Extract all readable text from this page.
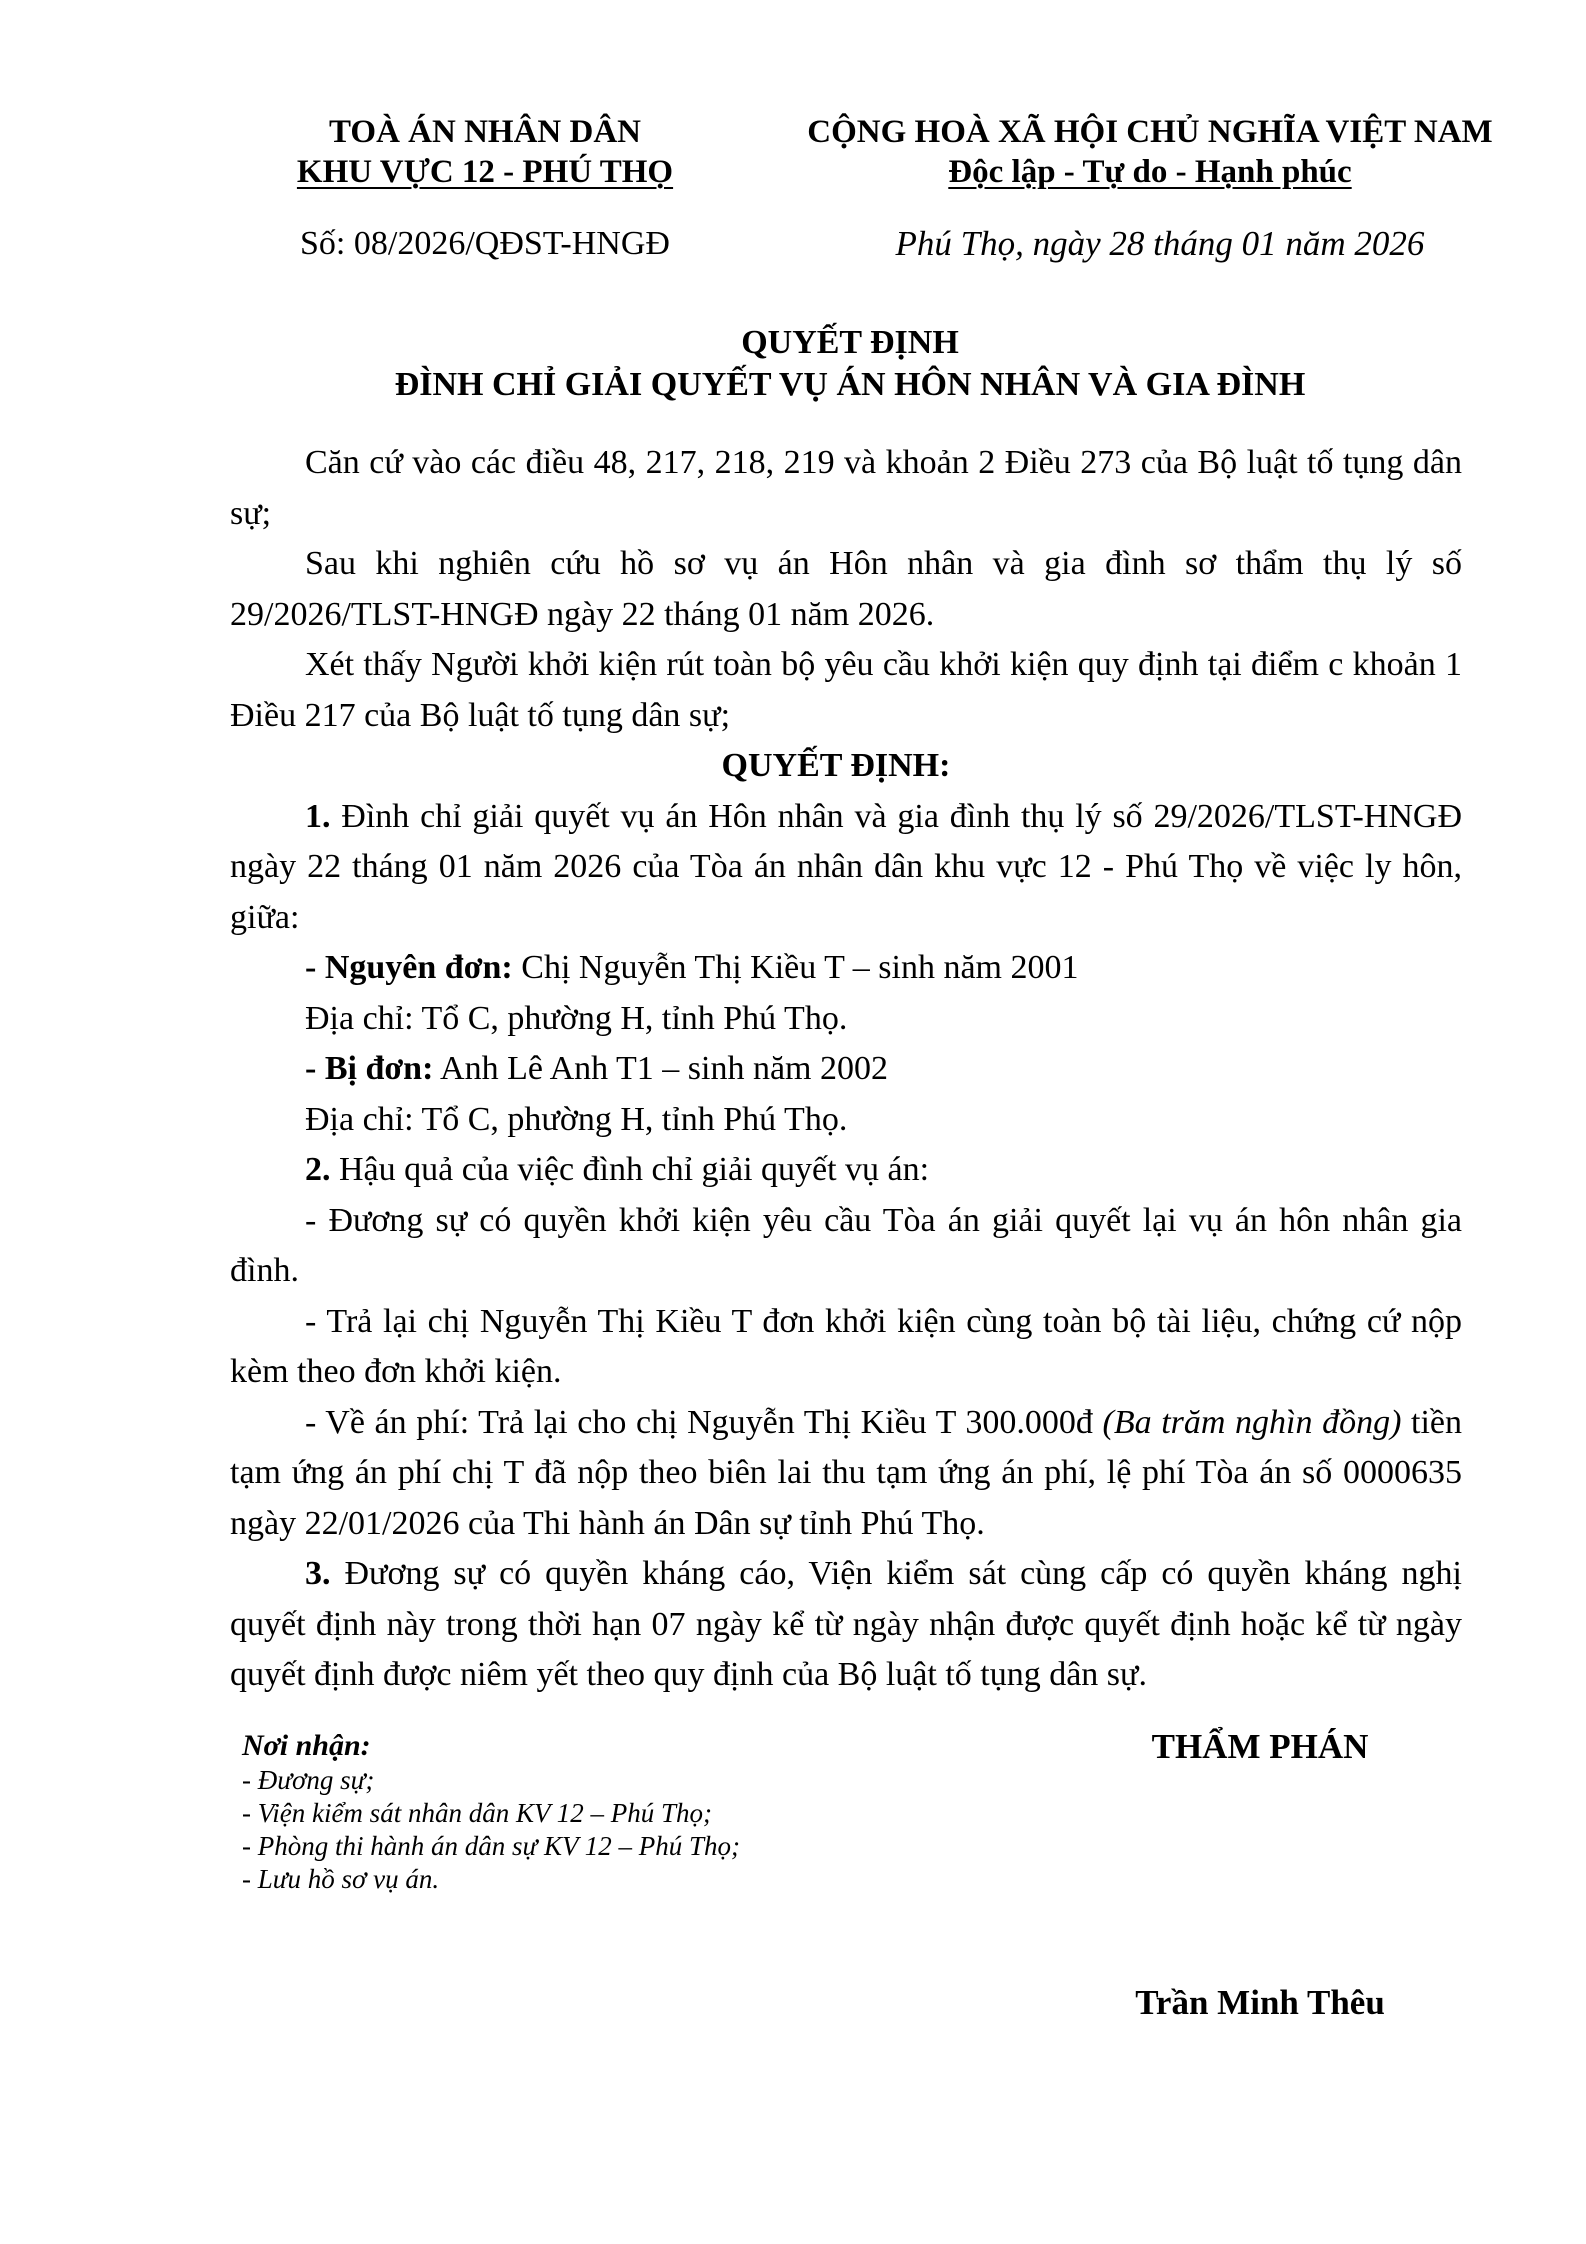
TOÀ ÁN NHÂN DÂN
KHU VỰC 12 - PHÚ THỌ
Số: 08/2026/QĐST-HNGĐ
CỘNG HOÀ XÃ HỘI CHỦ NGHĨA VIỆT NAM
Độc lập - Tự do - Hạnh phúc
Phú Thọ, ngày 28 tháng 01 năm 2026
QUYẾT ĐỊNH
ĐÌNH CHỈ GIẢI QUYẾT VỤ ÁN HÔN NHÂN VÀ GIA ĐÌNH

Căn cứ vào các điều 48, 217, 218, 219 và khoản 2 Điều 273 của Bộ luật tố tụng dân sự;

Sau khi nghiên cứu hồ sơ vụ án Hôn nhân và gia đình sơ thẩm thụ lý số 29/2026/TLST-HNGĐ ngày 22 tháng 01 năm 2026.

Xét thấy Người khởi kiện rút toàn bộ yêu cầu khởi kiện quy định tại điểm c khoản 1 Điều 217 của Bộ luật tố tụng dân sự;

QUYẾT ĐỊNH:

1. Đình chỉ giải quyết vụ án Hôn nhân và gia đình thụ lý số 29/2026/TLST-HNGĐ ngày 22 tháng 01 năm 2026 của Tòa án nhân dân khu vực 12 - Phú Thọ về việc ly hôn, giữa:

- Nguyên đơn: Chị Nguyễn Thị Kiều T – sinh năm 2001

Địa chỉ: Tổ C, phường H, tỉnh Phú Thọ.

- Bị đơn: Anh Lê Anh T1 – sinh năm 2002

Địa chỉ: Tổ C, phường H, tỉnh Phú Thọ.

2. Hậu quả của việc đình chỉ giải quyết vụ án:

- Đương sự có quyền khởi kiện yêu cầu Tòa án giải quyết lại vụ án hôn nhân gia đình.

- Trả lại chị Nguyễn Thị Kiều T đơn khởi kiện cùng toàn bộ tài liệu, chứng cứ nộp kèm theo đơn khởi kiện.

- Về án phí: Trả lại cho chị Nguyễn Thị Kiều T 300.000đ (Ba trăm nghìn đồng) tiền tạm ứng án phí chị T đã nộp theo biên lai thu tạm ứng án phí, lệ phí Tòa án số 0000635 ngày 22/01/2026 của Thi hành án Dân sự tỉnh Phú Thọ.

3. Đương sự có quyền kháng cáo, Viện kiểm sát cùng cấp có quyền kháng nghị quyết định này trong thời hạn 07 ngày kể từ ngày nhận được quyết định hoặc kể từ ngày quyết định được niêm yết theo quy định của Bộ luật tố tụng dân sự.

Nơi nhận:
- Đương sự;
- Viện kiểm sát nhân dân KV 12 – Phú Thọ;
- Phòng thi hành án dân sự KV 12 – Phú Thọ;
- Lưu hồ sơ vụ án.
THẨM PHÁN
Trần Minh Thêu
